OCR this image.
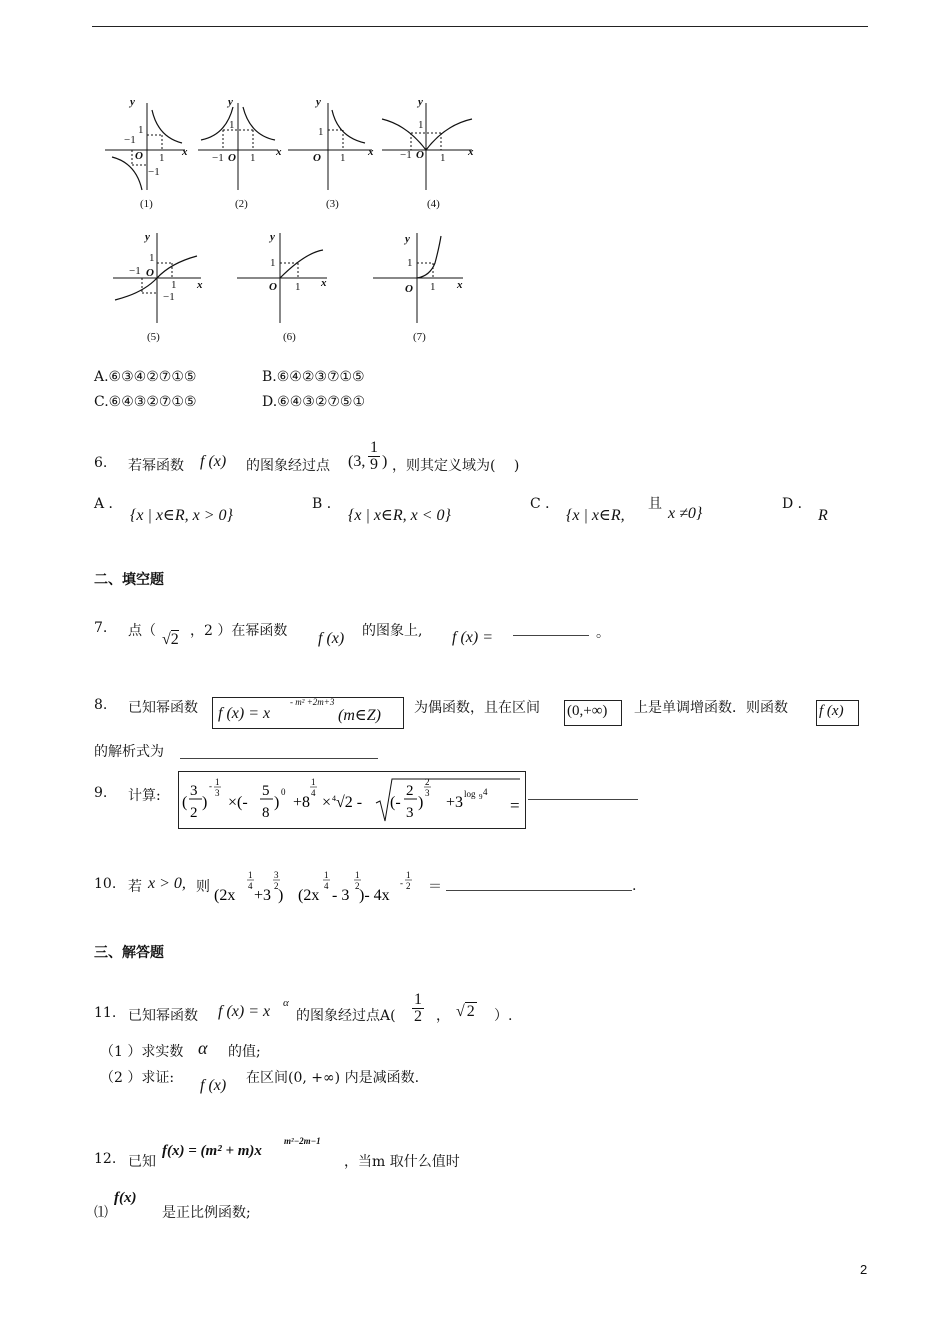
y
x
−1
1
O 1
−1
(1)
y
x
1
−1 O 1
(2)
y
x
1
O 1
(3)
y
x
1
−1 O 1
(4)
y
x
1
−1 O
1
−1
(5)
y
x
1
O 1
(6)
y
x
1
O 1
(7)
A.⑥③④②⑦①⑤	B.⑥④②③⑦①⑤
C.⑥④③②⑦①⑤	D.⑥④③②⑦⑤①
6. 若幂函数 f (x) 的图象经过点 (3, $\frac{1}{9}$ ) ，则其定义域为(　 )
A ．
{x | x∈R, x > 0}
B ．
{x | x∈R, x < 0}
C ．
{x | x∈R,
且
x ≠0}
D ．
R
二、填空题
7. 点（ √2 ，2 ）在幂函数 f (x) 的图象上, f (x) =	。
8. 已知幂函数 f (x) = x
- m² +2m+3
(m∈Z) 为偶函数，且在区间 (0,+∞) 上是单调增函数．则函数 f (x)
的解析式为
9. 计算: (
3
2
)
- 1
3
×(-
5
8
)
0
+8
1
4
× 4 √2 - (-
2
3
)
2
3
+3 log 9 4
=
10. 若 x > 0, 则 (2x
1
4
+3
3
2
) (2x
1
4
- 3
1
2
)- 4x
-
1
2 ＝	.
三、解答题
11. 已知幂函数 f (x) = x α
的图象经过点$A( \frac{1}{2}$ ， √ 2 ）.
（1 ）求实数 α 的值;
（2 ）求证: f (x) 在区间(0, +∞) 内是减函数.
12. 已知
f(x) = (m² + m)x
m²−2m−1
，当m 取什么值时
⑴
f(x)
是正比例函数;
2
